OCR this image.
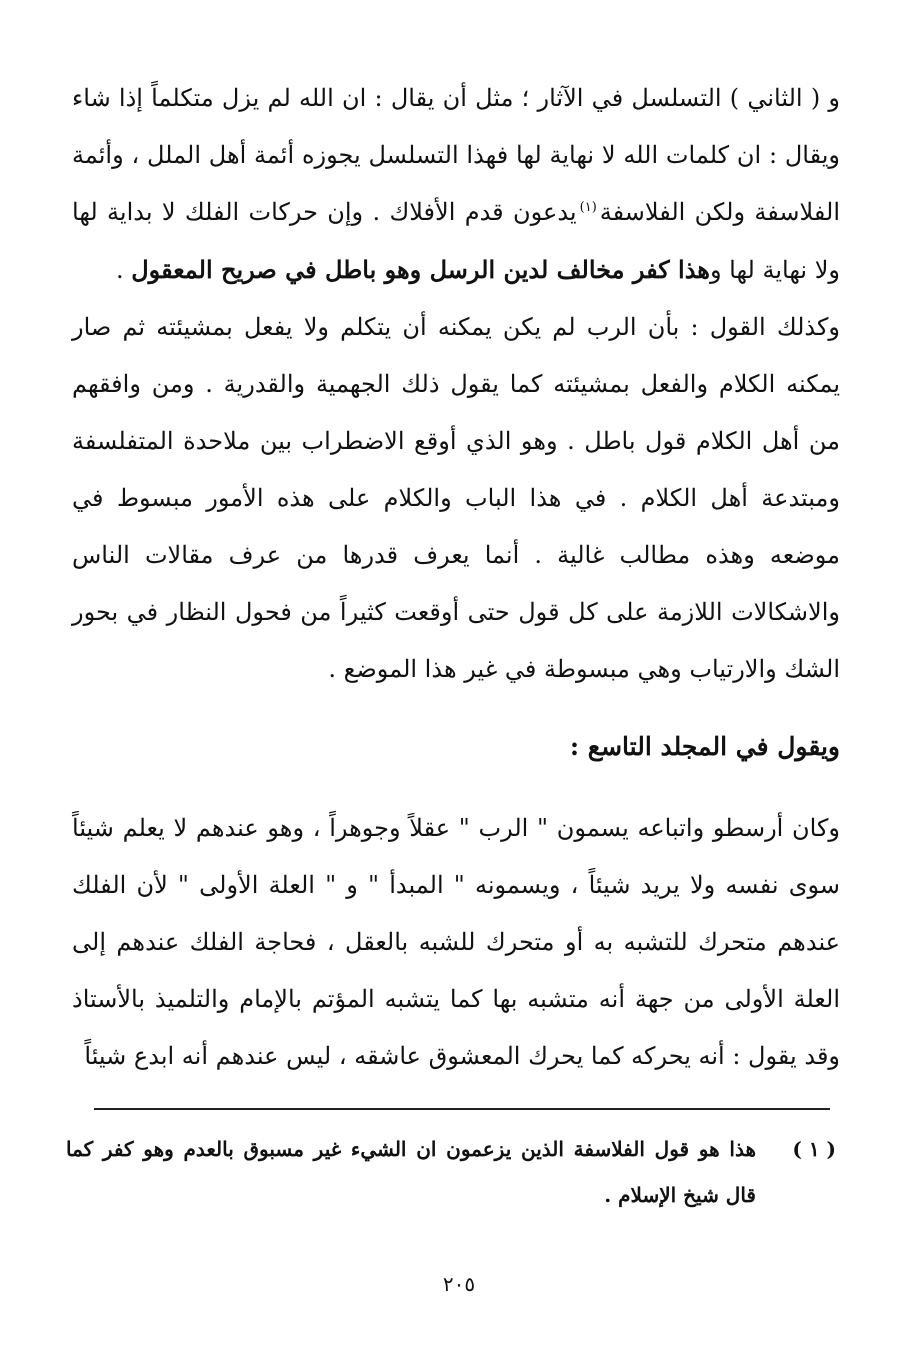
و ( الثاني ) التسلسل في الآثار ؛ مثل أن يقال : ان الله لم يزل متكلماً إذا شاء ويقال : ان كلمات الله لا نهاية لها فهذا التسلسل يجوزه أئمة أهل الملل ، وأئمة الفلاسفة ولكن الفلاسفة$^{(١)}$يدعون قدم الأفلاك . وإن حركات الفلك لا بداية لها ولا نهاية لها وهذا كفر مخالف لدين الرسل وهو باطل في صريح المعقول .

وكذلك القول : بأن الرب لم يكن يمكنه أن يتكلم ولا يفعل بمشيئته ثم صار يمكنه الكلام والفعل بمشيئته كما يقول ذلك الجهمية والقدرية . ومن وافقهم من أهل الكلام قول باطل . وهو الذي أوقع الاضطراب بين ملاحدة المتفلسفة ومبتدعة أهل الكلام . في هذا الباب والكلام على هذه الأمور مبسوط في موضعه وهذه مطالب غالية . أنما يعرف قدرها من عرف مقالات الناس والاشكالات اللازمة على كل قول حتى أوقعت كثيراً من فحول النظار في بحور الشك والارتياب وهي مبسوطة في غير هذا الموضع .

ويقول في المجلد التاسع :
وكان أرسطو واتباعه يسمون " الرب " عقلاً وجوهراً ، وهو عندهم لا يعلم شيئاً سوى نفسه ولا يريد شيئاً ، ويسمونه " المبدأ " و " العلة الأولى " لأن الفلك عندهم متحرك للتشبه به أو متحرك للشبه بالعقل ، فحاجة الفلك عندهم إلى العلة الأولى من جهة أنه متشبه بها كما يتشبه المؤتم بالإمام والتلميذ بالأستاذ وقد يقول : أنه يحركه كما يحرك المعشوق عاشقه ، ليس عندهم أنه ابدع شيئاً
( ١ )
هذا هو قول الفلاسفة الذين يزعمون ان الشيء غير مسبوق بالعدم وهو كفر كما قال شيخ الإسلام .
٢٠٥
